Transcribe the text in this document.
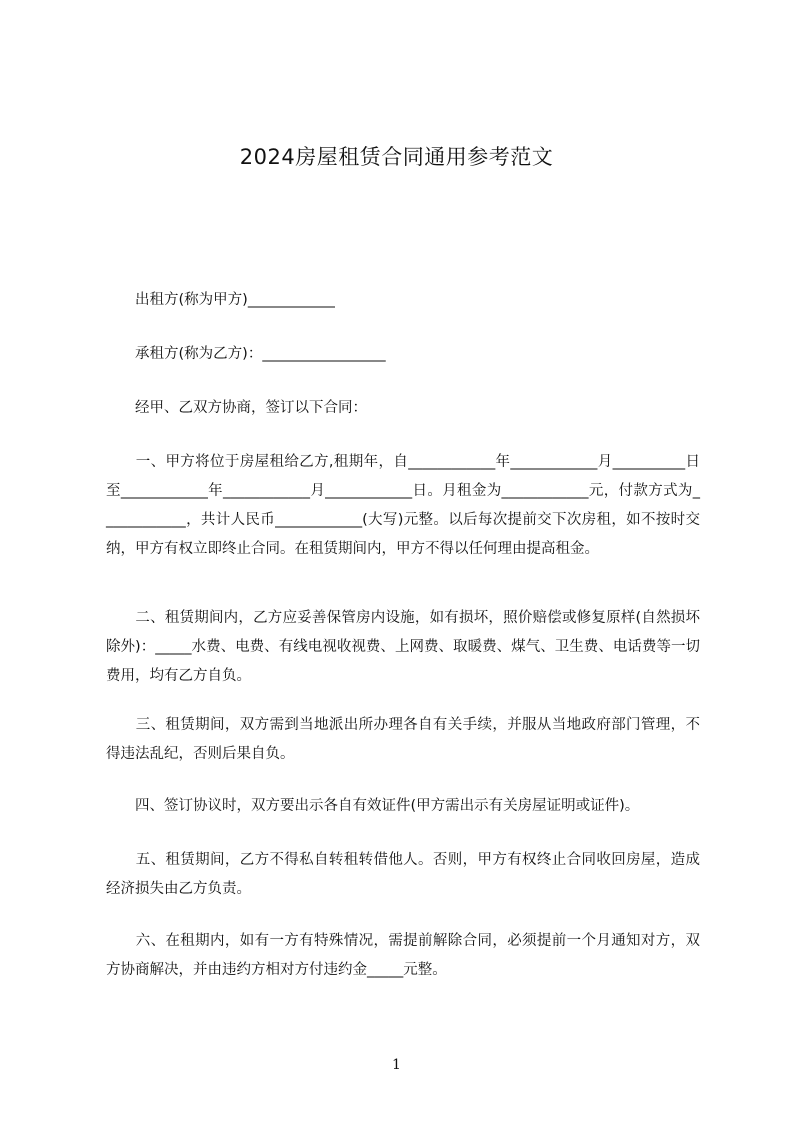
2024房屋租赁合同通用参考范文

　　出租方(称为甲方)____________

　　承租方(称为乙方)：_________________

　　经甲、乙双方协商，签订以下合同：

　　一、甲方将位于房屋租给乙方,租期年，自____________年____________月__________日至____________年____________月____________日。月租金为____________元，付款方式为____________，共计人民币____________(大写)元整。以后每次提前交下次房租，如不按时交纳，甲方有权立即终止合同。在租赁期间内，甲方不得以任何理由提高租金。

　　二、租赁期间内，乙方应妥善保管房内设施，如有损坏，照价赔偿或修复原样(自然损坏除外)：_____水费、电费、有线电视收视费、上网费、取暖费、煤气、卫生费、电话费等一切费用，均有乙方自负。

　　三、租赁期间，双方需到当地派出所办理各自有关手续，并服从当地政府部门管理，不得违法乱纪，否则后果自负。

　　四、签订协议时，双方要出示各自有效证件(甲方需出示有关房屋证明或证件)。

　　五、租赁期间，乙方不得私自转租转借他人。否则，甲方有权终止合同收回房屋，造成经济损失由乙方负责。

　　六、在租期内，如有一方有特殊情况，需提前解除合同，必须提前一个月通知对方，双方协商解决，并由违约方相对方付违约金_____元整。

1
